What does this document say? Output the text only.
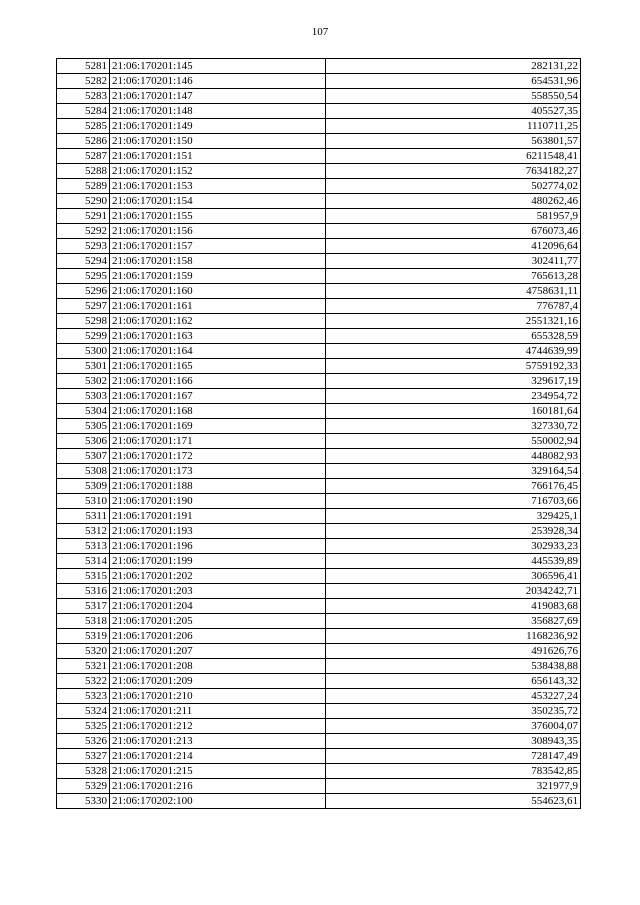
107
5281	21:06:170201:145	282131,22
5282	21:06:170201:146	654531,96
5283	21:06:170201:147	558550,54
5284	21:06:170201:148	405527,35
5285	21:06:170201:149	1110711,25
5286	21:06:170201:150	563801,57
5287	21:06:170201:151	6211548,41
5288	21:06:170201:152	7634182,27
5289	21:06:170201:153	502774,02
5290	21:06:170201:154	480262,46
5291	21:06:170201:155	581957,9
5292	21:06:170201:156	676073,46
5293	21:06:170201:157	412096,64
5294	21:06:170201:158	302411,77
5295	21:06:170201:159	765613,28
5296	21:06:170201:160	4758631,11
5297	21:06:170201:161	776787,4
5298	21:06:170201:162	2551321,16
5299	21:06:170201:163	655328,59
5300	21:06:170201:164	4744639,99
5301	21:06:170201:165	5759192,33
5302	21:06:170201:166	329617,19
5303	21:06:170201:167	234954,72
5304	21:06:170201:168	160181,64
5305	21:06:170201:169	327330,72
5306	21:06:170201:171	550002,94
5307	21:06:170201:172	448082,93
5308	21:06:170201:173	329164,54
5309	21:06:170201:188	766176,45
5310	21:06:170201:190	716703,66
5311	21:06:170201:191	329425,1
5312	21:06:170201:193	253928,34
5313	21:06:170201:196	302933,23
5314	21:06:170201:199	445539,89
5315	21:06:170201:202	306596,41
5316	21:06:170201:203	2034242,71
5317	21:06:170201:204	419083,68
5318	21:06:170201:205	356827,69
5319	21:06:170201:206	1168236,92
5320	21:06:170201:207	491626,76
5321	21:06:170201:208	538438,88
5322	21:06:170201:209	656143,32
5323	21:06:170201:210	453227,24
5324	21:06:170201:211	350235,72
5325	21:06:170201:212	376004,07
5326	21:06:170201:213	308943,35
5327	21:06:170201:214	728147,49
5328	21:06:170201:215	783542,85
5329	21:06:170201:216	321977,9
5330	21:06:170202:100	554623,61
